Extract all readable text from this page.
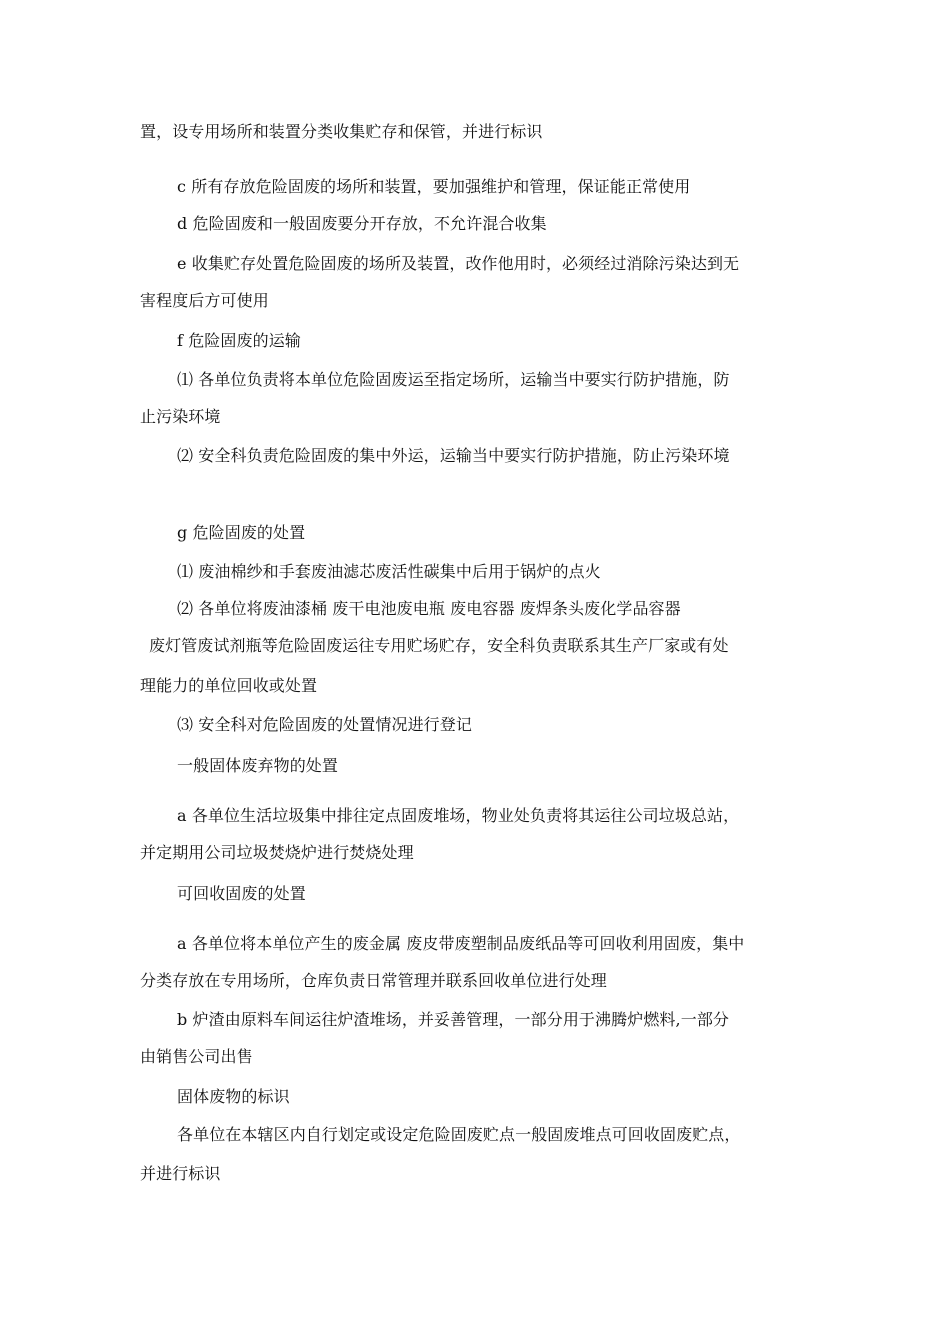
置，设专用场所和装置分类收集贮存和保管，并进行标识
c 所有存放危险固废的场所和装置，要加强维护和管理，保证能正常使用
d 危险固废和一般固废要分开存放，不允许混合收集
e 收集贮存处置危险固废的场所及装置，改作他用时，必须经过消除污染达到无
害程度后方可使用
f 危险固废的运输
⑴ 各单位负责将本单位危险固废运至指定场所，运输当中要实行防护措施，防
止污染环境
⑵ 安全科负责危险固废的集中外运，运输当中要实行防护措施，防止污染环境
g 危险固废的处置
⑴ 废油棉纱和手套废油滤芯废活性碳集中后用于锅炉的点火
⑵ 各单位将废油漆桶 废干电池废电瓶 废电容器 废焊条头废化学品容器
废灯管废试剂瓶等危险固废运往专用贮场贮存，安全科负责联系其生产厂家或有处
理能力的单位回收或处置
⑶ 安全科对危险固废的处置情况进行登记
一般固体废弃物的处置
a 各单位生活垃圾集中排往定点固废堆场，物业处负责将其运往公司垃圾总站，
并定期用公司垃圾焚烧炉进行焚烧处理
可回收固废的处置
a 各单位将本单位产生的废金属 废皮带废塑制品废纸品等可回收利用固废，集中
分类存放在专用场所，仓库负责日常管理并联系回收单位进行处理
b 炉渣由原料车间运往炉渣堆场，并妥善管理，一部分用于沸腾炉燃料,一部分
由销售公司出售
固体废物的标识
各单位在本辖区内自行划定或设定危险固废贮点一般固废堆点可回收固废贮点，
并进行标识
